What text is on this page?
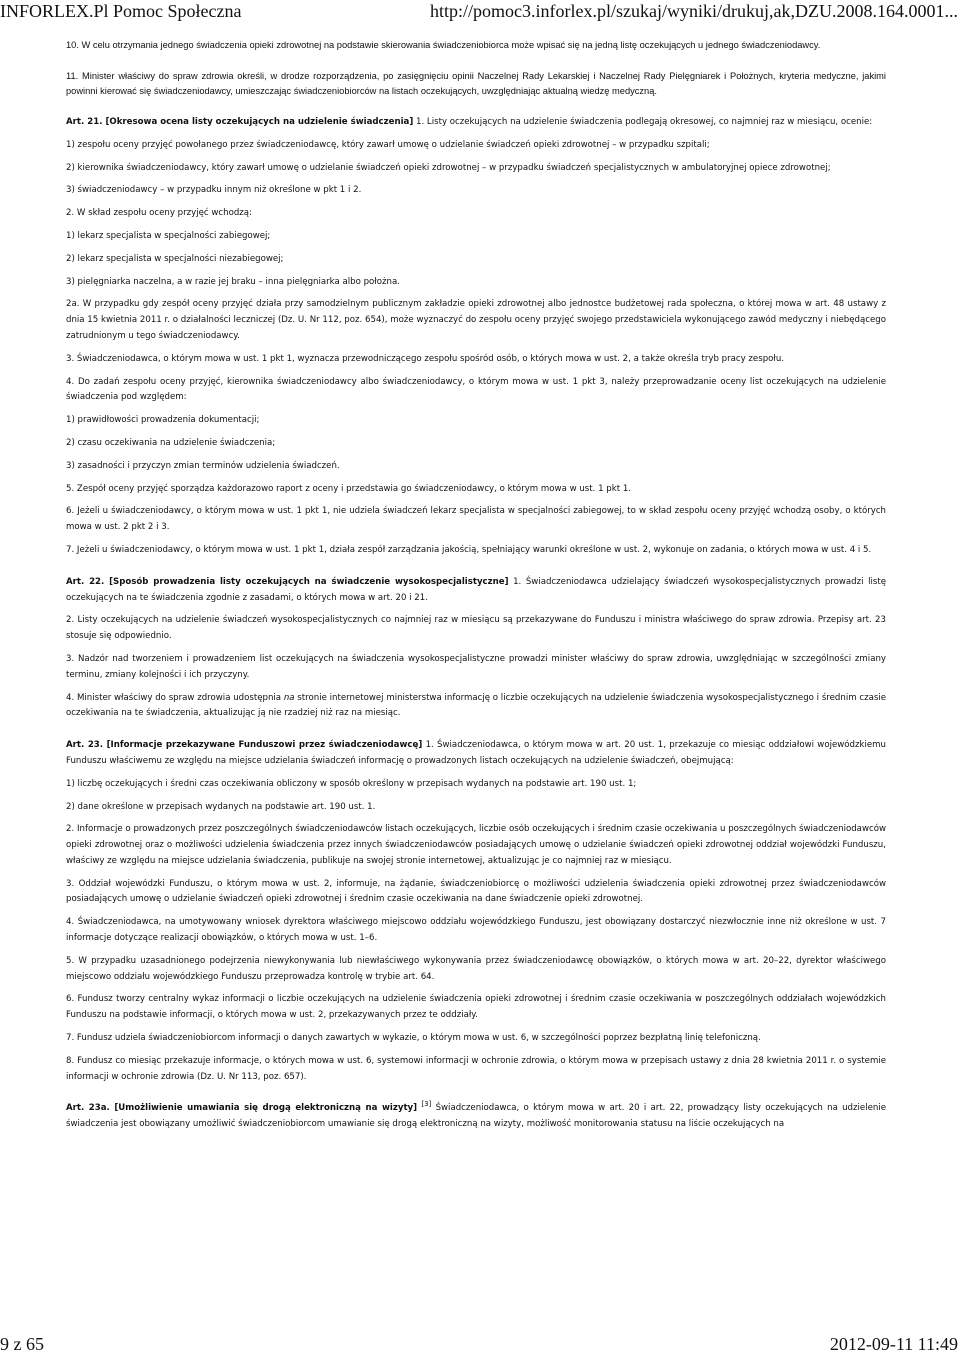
INFORLEX.Pl Pomoc Społeczna	http://pomoc3.inforlex.pl/szukaj/wyniki/drukuj,ak,DZU.2008.164.0001...

10. W celu otrzymania jednego świadczenia opieki zdrowotnej na podstawie skierowania świadczeniobiorca może wpisać się na jedną listę oczekujących u jednego świadczeniodawcy.

11. Minister właściwy do spraw zdrowia określi, w drodze rozporządzenia, po zasięgnięciu opinii Naczelnej Rady Lekarskiej i Naczelnej Rady Pielęgniarek i Położnych, kryteria medyczne, jakimi powinni kierować się świadczeniodawcy, umieszczając świadczeniobiorców na listach oczekujących, uwzględniając aktualną wiedzę medyczną.

Art. 21. [Okresowa ocena listy oczekujących na udzielenie świadczenia] 1. Listy oczekujących na udzielenie świadczenia podlegają okresowej, co najmniej raz w miesiącu, ocenie:

1) zespołu oceny przyjęć powołanego przez świadczeniodawcę, który zawarł umowę o udzielanie świadczeń opieki zdrowotnej – w przypadku szpitali;

2) kierownika świadczeniodawcy, który zawarł umowę o udzielanie świadczeń opieki zdrowotnej – w przypadku świadczeń specjalistycznych w ambulatoryjnej opiece zdrowotnej;

3) świadczeniodawcy – w przypadku innym niż określone w pkt 1 i 2.

2. W skład zespołu oceny przyjęć wchodzą:

1) lekarz specjalista w specjalności zabiegowej;

2) lekarz specjalista w specjalności niezabiegowej;

3) pielęgniarka naczelna, a w razie jej braku – inna pielęgniarka albo położna.

2a. W przypadku gdy zespół oceny przyjęć działa przy samodzielnym publicznym zakładzie opieki zdrowotnej albo jednostce budżetowej rada społeczna, o której mowa w art. 48 ustawy z dnia 15 kwietnia 2011 r. o działalności leczniczej (Dz. U. Nr 112, poz. 654), może wyznaczyć do zespołu oceny przyjęć swojego przedstawiciela wykonującego zawód medyczny i niebędącego zatrudnionym u tego świadczeniodawcy.

3. Świadczeniodawca, o którym mowa w ust. 1 pkt 1, wyznacza przewodniczącego zespołu spośród osób, o których mowa w ust. 2, a także określa tryb pracy zespołu.

4. Do zadań zespołu oceny przyjęć, kierownika świadczeniodawcy albo świadczeniodawcy, o którym mowa w ust. 1 pkt 3, należy przeprowadzanie oceny list oczekujących na udzielenie świadczenia pod względem:

1) prawidłowości prowadzenia dokumentacji;

2) czasu oczekiwania na udzielenie świadczenia;

3) zasadności i przyczyn zmian terminów udzielenia świadczeń.

5. Zespół oceny przyjęć sporządza każdorazowo raport z oceny i przedstawia go świadczeniodawcy, o którym mowa w ust. 1 pkt 1.

6. Jeżeli u świadczeniodawcy, o którym mowa w ust. 1 pkt 1, nie udziela świadczeń lekarz specjalista w specjalności zabiegowej, to w skład zespołu oceny przyjęć wchodzą osoby, o których mowa w ust. 2 pkt 2 i 3.

7. Jeżeli u świadczeniodawcy, o którym mowa w ust. 1 pkt 1, działa zespół zarządzania jakością, spełniający warunki określone w ust. 2, wykonuje on zadania, o których mowa w ust. 4 i 5.

Art. 22. [Sposób prowadzenia listy oczekujących na świadczenie wysokospecjalistyczne] 1. Świadczeniodawca udzielający świadczeń wysokospecjalistycznych prowadzi listę oczekujących na te świadczenia zgodnie z zasadami, o których mowa w art. 20 i 21.

2. Listy oczekujących na udzielenie świadczeń wysokospecjalistycznych co najmniej raz w miesiącu są przekazywane do Funduszu i ministra właściwego do spraw zdrowia. Przepisy art. 23 stosuje się odpowiednio.

3. Nadzór nad tworzeniem i prowadzeniem list oczekujących na świadczenia wysokospecjalistyczne prowadzi minister właściwy do spraw zdrowia, uwzględniając w szczególności zmiany terminu, zmiany kolejności i ich przyczyny.

4. Minister właściwy do spraw zdrowia udostępnia na stronie internetowej ministerstwa informację o liczbie oczekujących na udzielenie świadczenia wysokospecjalistycznego i średnim czasie oczekiwania na te świadczenia, aktualizując ją nie rzadziej niż raz na miesiąc.

Art. 23. [Informacje przekazywane Funduszowi przez świadczeniodawcę] 1. Świadczeniodawca, o którym mowa w art. 20 ust. 1, przekazuje co miesiąc oddziałowi wojewódzkiemu Funduszu właściwemu ze względu na miejsce udzielania świadczeń informację o prowadzonych listach oczekujących na udzielenie świadczeń, obejmującą:

1) liczbę oczekujących i średni czas oczekiwania obliczony w sposób określony w przepisach wydanych na podstawie art. 190 ust. 1;

2) dane określone w przepisach wydanych na podstawie art. 190 ust. 1.

2. Informacje o prowadzonych przez poszczególnych świadczeniodawców listach oczekujących, liczbie osób oczekujących i średnim czasie oczekiwania u poszczególnych świadczeniodawców opieki zdrowotnej oraz o możliwości udzielenia świadczenia przez innych świadczeniodawców posiadających umowę o udzielanie świadczeń opieki zdrowotnej oddział wojewódzki Funduszu, właściwy ze względu na miejsce udzielania świadczenia, publikuje na swojej stronie internetowej, aktualizując je co najmniej raz w miesiącu.

3. Oddział wojewódzki Funduszu, o którym mowa w ust. 2, informuje, na żądanie, świadczeniobiorcę o możliwości udzielenia świadczenia opieki zdrowotnej przez świadczeniodawców posiadających umowę o udzielanie świadczeń opieki zdrowotnej i średnim czasie oczekiwania na dane świadczenie opieki zdrowotnej.

4. Świadczeniodawca, na umotywowany wniosek dyrektora właściwego miejscowo oddziału wojewódzkiego Funduszu, jest obowiązany dostarczyć niezwłocznie inne niż określone w ust. 7 informacje dotyczące realizacji obowiązków, o których mowa w ust. 1–6.

5. W przypadku uzasadnionego podejrzenia niewykonywania lub niewłaściwego wykonywania przez świadczeniodawcę obowiązków, o których mowa w art. 20–22, dyrektor właściwego miejscowo oddziału wojewódzkiego Funduszu przeprowadza kontrolę w trybie art. 64.

6. Fundusz tworzy centralny wykaz informacji o liczbie oczekujących na udzielenie świadczenia opieki zdrowotnej i średnim czasie oczekiwania w poszczególnych oddziałach wojewódzkich Funduszu na podstawie informacji, o których mowa w ust. 2, przekazywanych przez te oddziały.

7. Fundusz udziela świadczeniobiorcom informacji o danych zawartych w wykazie, o którym mowa w ust. 6, w szczególności poprzez bezpłatną linię telefoniczną.

8. Fundusz co miesiąc przekazuje informacje, o których mowa w ust. 6, systemowi informacji w ochronie zdrowia, o którym mowa w przepisach ustawy z dnia 28 kwietnia 2011 r. o systemie informacji w ochronie zdrowia (Dz. U. Nr 113, poz. 657).

Art. 23a. [Umożliwienie umawiania się drogą elektroniczną na wizyty] [3] Świadczeniodawca, o którym mowa w art. 20 i art. 22, prowadzący listy oczekujących na udzielenie świadczenia jest obowiązany umożliwić świadczeniobiorcom umawianie się drogą elektroniczną na wizyty, możliwość monitorowania statusu na liście oczekujących na

9 z 65	2012-09-11 11:49
